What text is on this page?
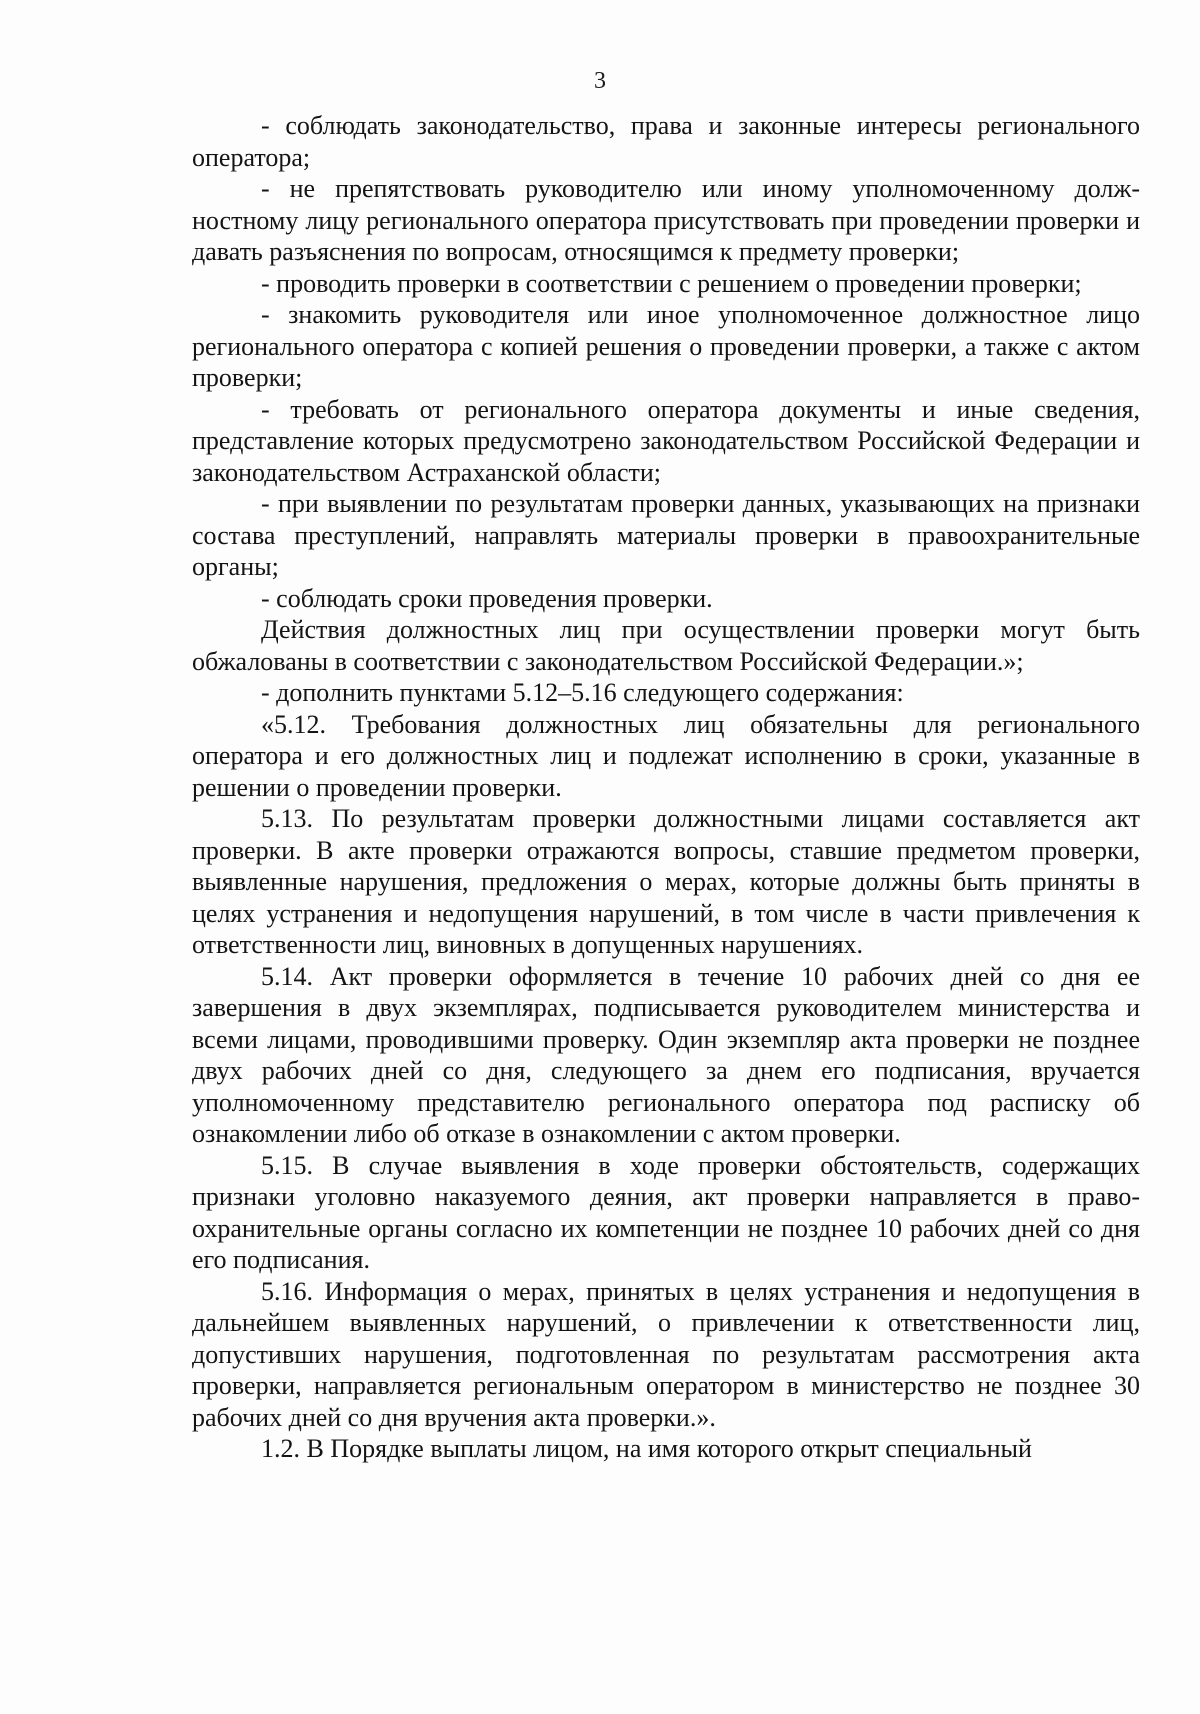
3

- соблюдать законодательство, права и законные интересы регионального оператора;

- не препятствовать руководителю или иному уполномоченному должностному лицу регионального оператора присутствовать при проведении проверки и давать разъяснения по вопросам, относящимся к предмету проверки;

- проводить проверки в соответствии с решением о проведении проверки;

- знакомить руководителя или иное уполномоченное должностное лицо регионального оператора с копией решения о проведении проверки, а также с актом проверки;

- требовать от регионального оператора документы и иные сведения, представление которых предусмотрено законодательством Российской Федерации и законодательством Астраханской области;

- при выявлении по результатам проверки данных, указывающих на признаки состава преступлений, направлять материалы проверки в правоохранительные органы;

- соблюдать сроки проведения проверки.

Действия должностных лиц при осуществлении проверки могут быть обжалованы в соответствии с законодательством Российской Федерации.»;

- дополнить пунктами 5.12–5.16 следующего содержания:

«5.12. Требования должностных лиц обязательны для регионального оператора и его должностных лиц и подлежат исполнению в сроки, указанные в решении о проведении проверки.

5.13. По результатам проверки должностными лицами составляется акт проверки. В акте проверки отражаются вопросы, ставшие предметом проверки, выявленные нарушения, предложения о мерах, которые должны быть приняты в целях устранения и недопущения нарушений, в том числе в части привлечения к ответственности лиц, виновных в допущенных нарушениях.

5.14. Акт проверки оформляется в течение 10 рабочих дней со дня ее завершения в двух экземплярах, подписывается руководителем министерства и всеми лицами, проводившими проверку. Один экземпляр акта проверки не позднее двух рабочих дней со дня, следующего за днем его подписания, вручается уполномоченному представителю регионального оператора под расписку об ознакомлении либо об отказе в ознакомлении с актом проверки.

5.15. В случае выявления в ходе проверки обстоятельств, содержащих признаки уголовно наказуемого деяния, акт проверки направляется в правоохранительные органы согласно их компетенции не позднее 10 рабочих дней со дня его подписания.

5.16. Информация о мерах, принятых в целях устранения и недопущения в дальнейшем выявленных нарушений, о привлечении к ответственности лиц, допустивших нарушения, подготовленная по результатам рассмотрения акта проверки, направляется региональным оператором в министерство не позднее 30 рабочих дней со дня вручения акта проверки.».

1.2. В Порядке выплаты лицом, на имя которого открыт специальный
